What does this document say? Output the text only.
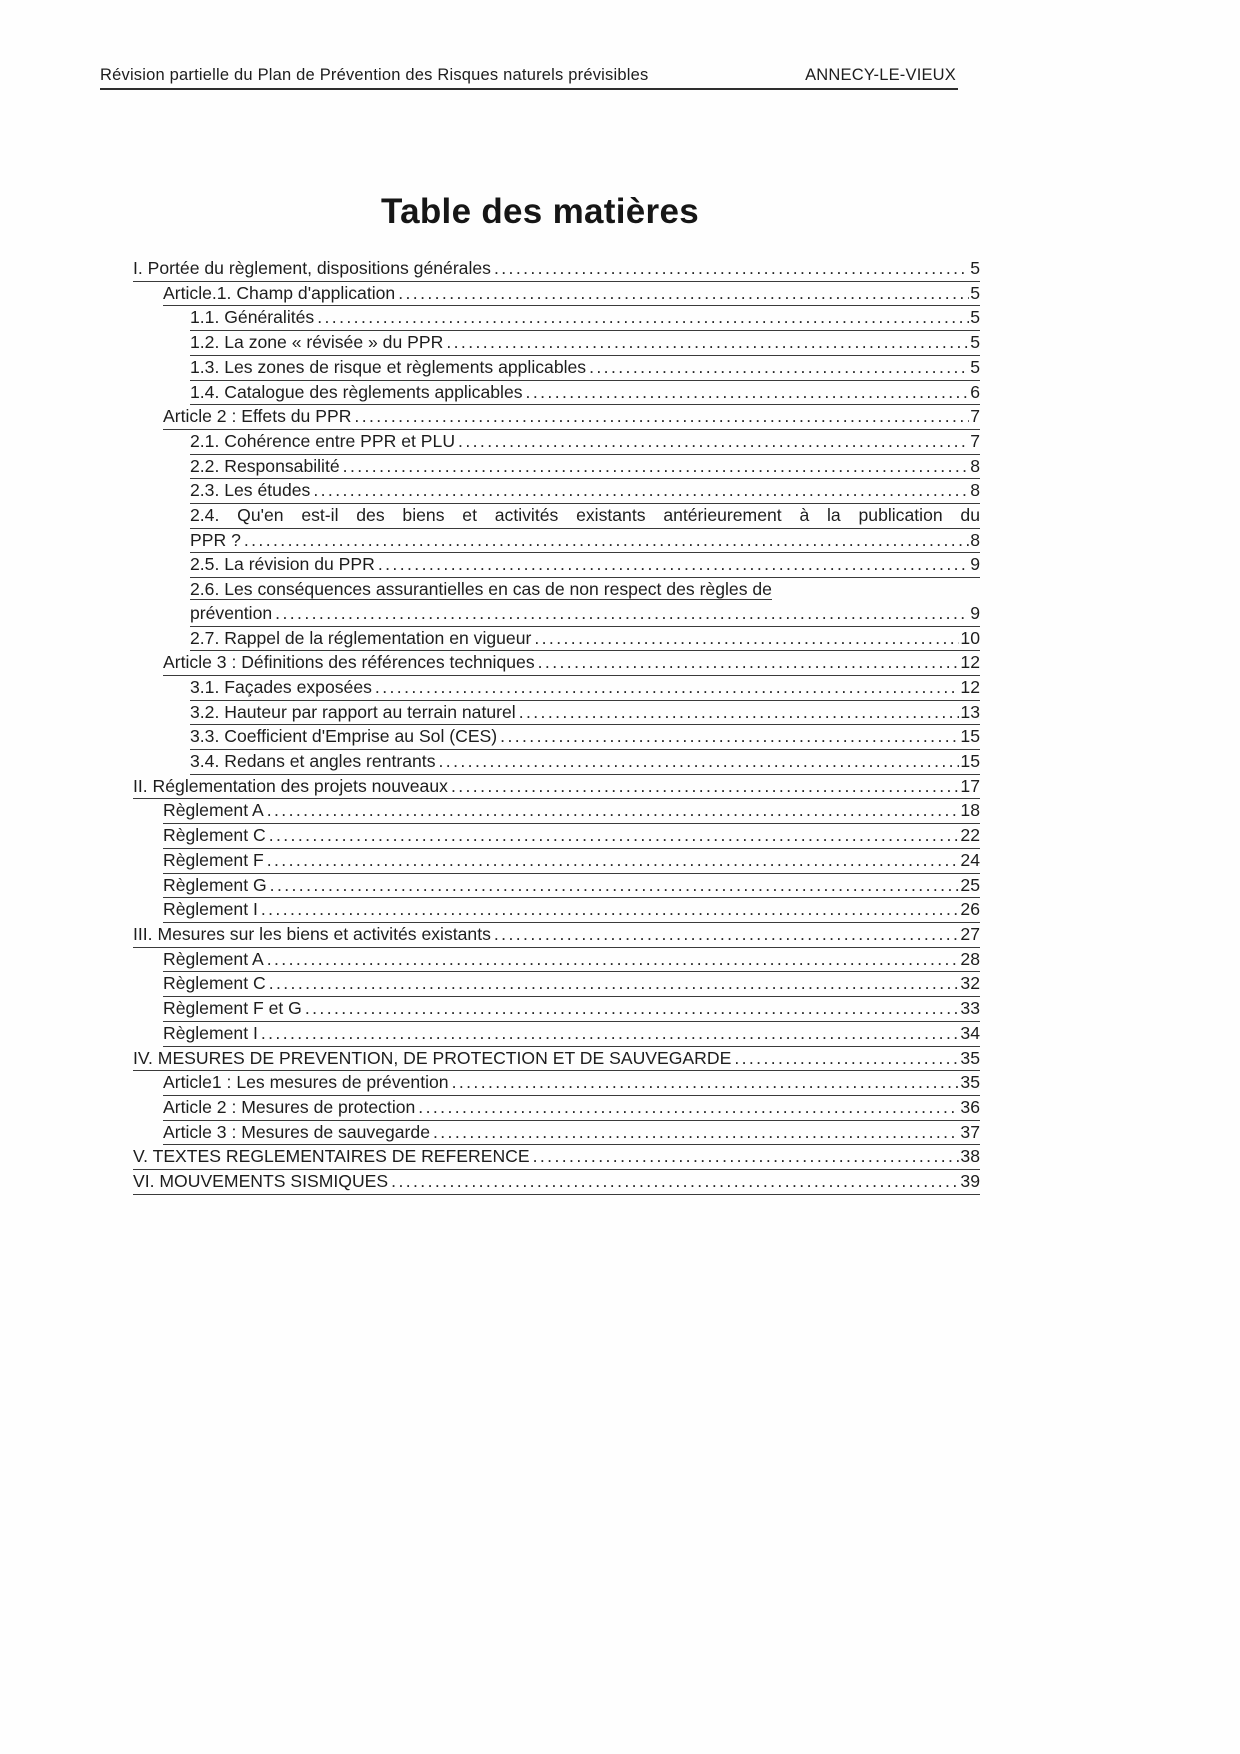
Révision partielle du Plan de Prévention des Risques naturels prévisibles	ANNECY-LE-VIEUX
Table des matières
I. Portée du règlement, dispositions générales .....	5
Article.1. Champ d'application .....	5
1.1. Généralités .....	5
1.2. La zone « révisée » du PPR .....	5
1.3. Les zones de risque et règlements applicables .....	5
1.4. Catalogue des règlements applicables .....	6
Article 2 : Effets du PPR .....	7
2.1. Cohérence entre PPR et PLU .....	7
2.2. Responsabilité .....	8
2.3. Les études .....	8
2.4. Qu'en est-il des biens et activités existants antérieurement à la publication du
PPR ? .....	8
2.5. La révision du PPR .....	9
2.6. Les conséquences assurantielles en cas de non respect des règles de
prévention .....	9
2.7. Rappel de la réglementation en vigueur .....	10
Article 3 : Définitions des références techniques .....	12
3.1. Façades exposées .....	12
3.2. Hauteur par rapport au terrain naturel .....	13
3.3. Coefficient d'Emprise au Sol (CES) .....	15
3.4. Redans et angles rentrants .....	15
II. Réglementation des projets nouveaux .....	17
Règlement A .....	18
Règlement C .....	22
Règlement F .....	24
Règlement G .....	25
Règlement I .....	26
III. Mesures sur les biens et activités existants .....	27
Règlement A .....	28
Règlement C .....	32
Règlement F et G .....	33
Règlement I .....	34
IV. MESURES DE PREVENTION, DE PROTECTION ET DE SAUVEGARDE .....	35
Article1 : Les mesures de prévention .....	35
Article 2 : Mesures de protection .....	36
Article 3 : Mesures de sauvegarde .....	37
V. TEXTES REGLEMENTAIRES DE REFERENCE .....	38
VI. MOUVEMENTS SISMIQUES .....	39
